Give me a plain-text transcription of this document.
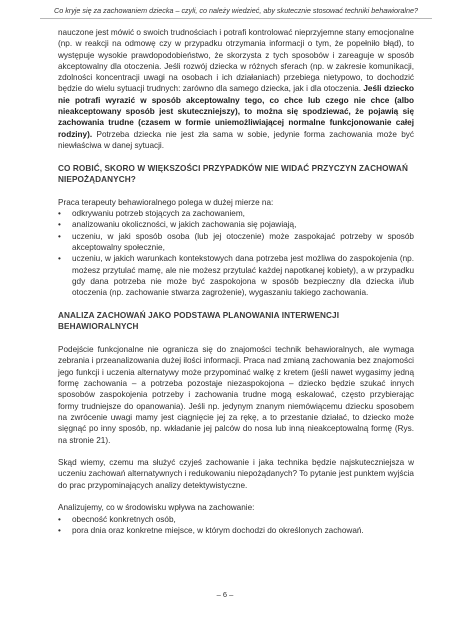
Co kryje się za zachowaniem dziecka – czyli, co należy wiedzieć, aby skutecznie stosować techniki behawioralne?

nauczone jest mówić o swoich trudnościach i potrafi kontrolować nieprzyjemne stany emocjonalne (np. w reakcji na odmowę czy w przypadku otrzymania informacji o tym, że popełniło błąd), to występuje wysokie prawdopodobieństwo, że skorzysta z tych sposobów i zareaguje w sposób akceptowalny dla otoczenia. Jeśli rozwój dziecka w różnych sferach (np. w zakresie komunikacji, zdolności koncentracji uwagi na osobach i ich działaniach) przebiega nietypowo, to dochodzić będzie do wielu sytuacji trudnych: zarówno dla samego dziecka, jak i dla otoczenia. Jeśli dziecko nie potrafi wyrazić w sposób akceptowalny tego, co chce lub czego nie chce (albo nieakceptowany sposób jest skuteczniejszy), to można się spodziewać, że pojawią się zachowania trudne (czasem w formie uniemożliwiającej normalne funkcjonowanie całej rodziny). Potrzeba dziecka nie jest zła sama w sobie, jedynie forma zachowania może być niewłaściwa w danej sytuacji.

CO ROBIĆ, SKORO W WIĘKSZOŚCI PRZYPADKÓW NIE WIDAĆ PRZYCZYN ZACHOWAŃ NIEPOŻĄDANYCH?

Praca terapeuty behawioralnego polega w dużej mierze na:

• odkrywaniu potrzeb stojących za zachowaniem,
• analizowaniu okoliczności, w jakich zachowania się pojawiają,
• uczeniu, w jaki sposób osoba (lub jej otoczenie) może zaspokajać potrzeby w sposób akceptowalny społecznie,
• uczeniu, w jakich warunkach kontekstowych dana potrzeba jest możliwa do zaspokojenia (np. możesz przytulać mamę, ale nie możesz przytulać każdej napotkanej kobiety), a w przypadku gdy dana potrzeba nie może być zaspokojona w sposób bezpieczny dla dziecka i/lub otoczenia (np. zachowanie stwarza zagrożenie), wygaszaniu takiego zachowania.
ANALIZA ZACHOWAŃ JAKO PODSTAWA PLANOWANIA INTERWENCJI BEHAWIORALNYCH

Podejście funkcjonalne nie ogranicza się do znajomości technik behawioralnych, ale wymaga zebrania i przeanalizowania dużej ilości informacji. Praca nad zmianą zachowania bez znajomości jego funkcji i uczenia alternatywy może przypominać walkę z kretem (jeśli nawet wygasimy jedną formę zachowania – a potrzeba pozostaje niezaspokojona – dziecko będzie szukać innych sposobów zaspokojenia potrzeby i zachowania trudne mogą eskalować, często przybierając formy trudniejsze do opanowania). Jeśli np. jedynym znanym niemówiącemu dziecku sposobem na zwrócenie uwagi mamy jest ciągnięcie jej za rękę, a to przestanie działać, to dziecko może sięgnąć po inny sposób, np. wkładanie jej palców do nosa lub inną nieakceptowalną formę (Rys. na stronie 21).

Skąd wiemy, czemu ma służyć czyjeś zachowanie i jaka technika będzie najskuteczniejsza w uczeniu zachowań alternatywnych i redukowaniu niepożądanych? To pytanie jest punktem wyjścia do prac przypominających analizy detektywistyczne.

Analizujemy, co w środowisku wpływa na zachowanie:

• obecność konkretnych osób,
• pora dnia oraz konkretne miejsce, w którym dochodzi do określonych zachowań.
– 6 –
